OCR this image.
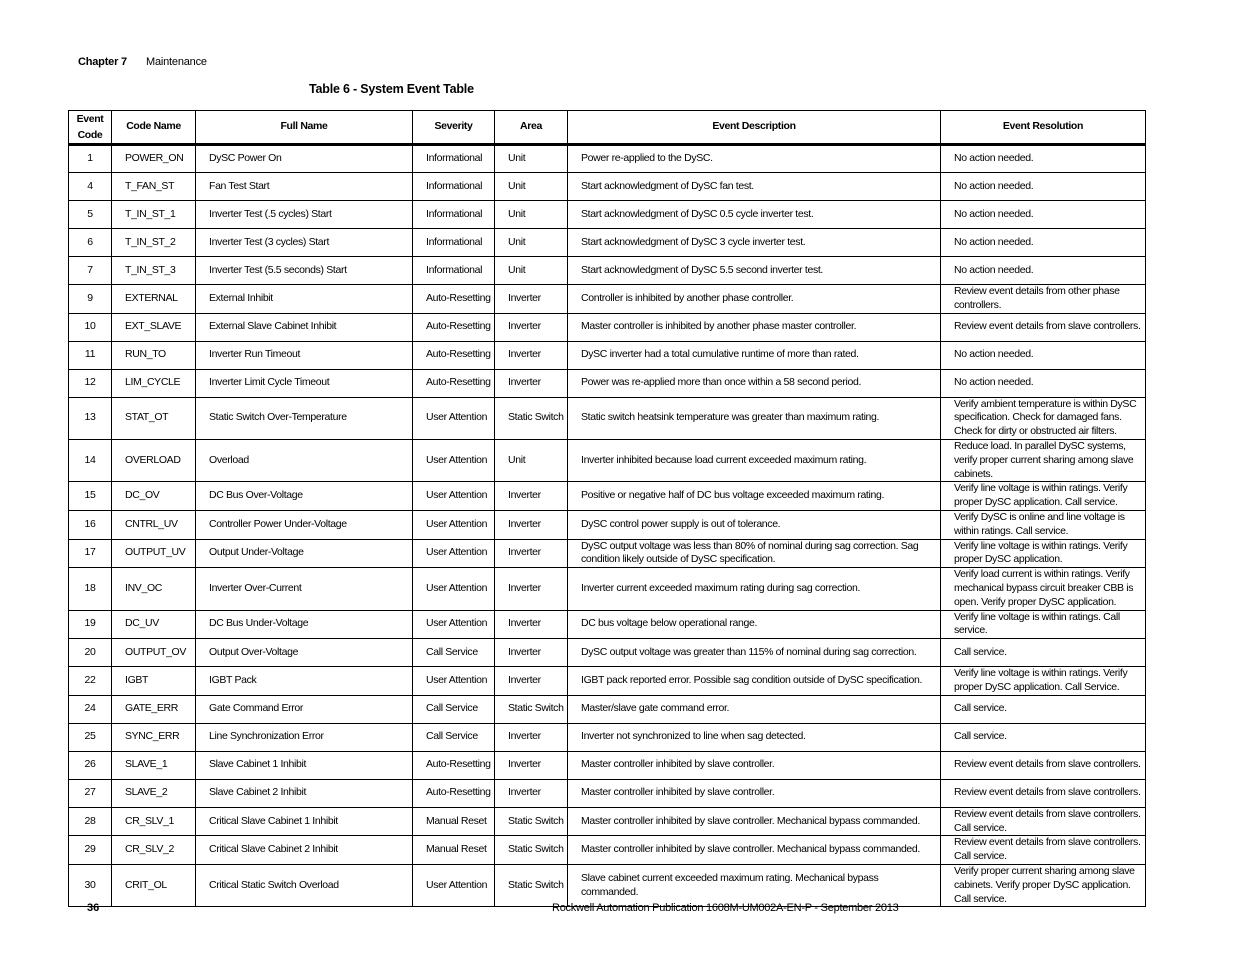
Chapter 7 Maintenance
Table 6 - System Event Table
Event Code	Code Name	Full Name	Severity	Area	Event Description	Event Resolution
1	POWER_ON	DySC Power On	Informational	Unit	Power re-applied to the DySC.	No action needed.
4	T_FAN_ST	Fan Test Start	Informational	Unit	Start acknowledgment of DySC fan test.	No action needed.
5	T_IN_ST_1	Inverter Test (.5 cycles) Start	Informational	Unit	Start acknowledgment of DySC 0.5 cycle inverter test.	No action needed.
6	T_IN_ST_2	Inverter Test (3 cycles) Start	Informational	Unit	Start acknowledgment of DySC 3 cycle inverter test.	No action needed.
7	T_IN_ST_3	Inverter Test (5.5 seconds) Start	Informational	Unit	Start acknowledgment of DySC 5.5 second inverter test.	No action needed.
9	EXTERNAL	External Inhibit	Auto-Resetting	Inverter	Controller is inhibited by another phase controller.	Review event details from other phase controllers.
10	EXT_SLAVE	External Slave Cabinet Inhibit	Auto-Resetting	Inverter	Master controller is inhibited by another phase master controller.	Review event details from slave controllers.
11	RUN_TO	Inverter Run Timeout	Auto-Resetting	Inverter	DySC inverter had a total cumulative runtime of more than rated.	No action needed.
12	LIM_CYCLE	Inverter Limit Cycle Timeout	Auto-Resetting	Inverter	Power was re-applied more than once within a 58 second period.	No action needed.
13	STAT_OT	Static Switch Over-Temperature	User Attention	Static Switch	Static switch heatsink temperature was greater than maximum rating.	Verify ambient temperature is within DySC specification. Check for damaged fans. Check for dirty or obstructed air filters.
14	OVERLOAD	Overload	User Attention	Unit	Inverter inhibited because load current exceeded maximum rating.	Reduce load. In parallel DySC systems, verify proper current sharing among slave cabinets.
15	DC_OV	DC Bus Over-Voltage	User Attention	Inverter	Positive or negative half of DC bus voltage exceeded maximum rating.	Verify line voltage is within ratings. Verify proper DySC application. Call service.
16	CNTRL_UV	Controller Power Under-Voltage	User Attention	Inverter	DySC control power supply is out of tolerance.	Verify DySC is online and line voltage is within ratings. Call service.
17	OUTPUT_UV	Output Under-Voltage	User Attention	Inverter	DySC output voltage was less than 80% of nominal during sag correction. Sag condition likely outside of DySC specification.	Verify line voltage is within ratings. Verify proper DySC application.
18	INV_OC	Inverter Over-Current	User Attention	Inverter	Inverter current exceeded maximum rating during sag correction.	Verify load current is within ratings. Verify mechanical bypass circuit breaker CBB is open. Verify proper DySC application.
19	DC_UV	DC Bus Under-Voltage	User Attention	Inverter	DC bus voltage below operational range.	Verify line voltage is within ratings. Call service.
20	OUTPUT_OV	Output Over-Voltage	Call Service	Inverter	DySC output voltage was greater than 115% of nominal during sag correction.	Call service.
22	IGBT	IGBT Pack	User Attention	Inverter	IGBT pack reported error. Possible sag condition outside of DySC specification.	Verify line voltage is within ratings. Verify proper DySC application. Call Service.
24	GATE_ERR	Gate Command Error	Call Service	Static Switch	Master/slave gate command error.	Call service.
25	SYNC_ERR	Line Synchronization Error	Call Service	Inverter	Inverter not synchronized to line when sag detected.	Call service.
26	SLAVE_1	Slave Cabinet 1 Inhibit	Auto-Resetting	Inverter	Master controller inhibited by slave controller.	Review event details from slave controllers.
27	SLAVE_2	Slave Cabinet 2 Inhibit	Auto-Resetting	Inverter	Master controller inhibited by slave controller.	Review event details from slave controllers.
28	CR_SLV_1	Critical Slave Cabinet 1 Inhibit	Manual Reset	Static Switch	Master controller inhibited by slave controller. Mechanical bypass commanded.	Review event details from slave controllers. Call service.
29	CR_SLV_2	Critical Slave Cabinet 2 Inhibit	Manual Reset	Static Switch	Master controller inhibited by slave controller. Mechanical bypass commanded.	Review event details from slave controllers. Call service.
30	CRIT_OL	Critical Static Switch Overload	User Attention	Static Switch	Slave cabinet current exceeded maximum rating. Mechanical bypass commanded.	Verify proper current sharing among slave cabinets. Verify proper DySC application. Call service.
36	Rockwell Automation Publication 1608M-UM002A-EN-P - September 2013
